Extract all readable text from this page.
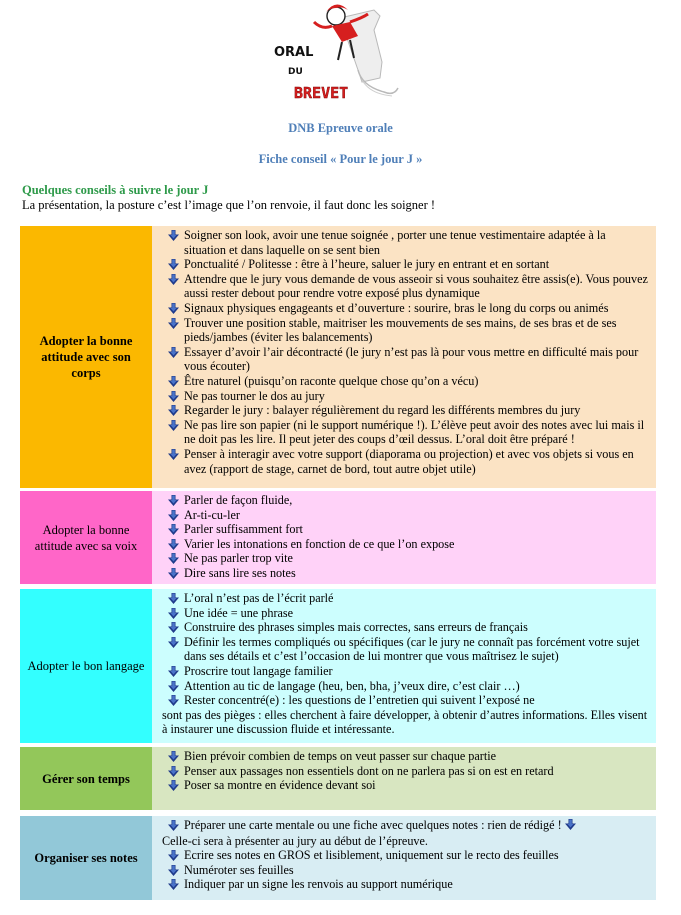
ORAL
DU
BREVET
DNB Epreuve orale
Fiche conseil « Pour le jour J »
Quelques conseils à suivre le jour J
La présentation, la posture c’est l’image que l’on renvoie, il faut donc les soigner !
Adopter la bonne attitude avec son corps
Soigner son look, avoir une tenue soignée , porter une tenue vestimentaire adaptée à la situation et dans laquelle on se sent bien
Ponctualité / Politesse : être à l’heure, saluer le jury en entrant et en sortant
Attendre que le jury vous demande de vous asseoir si vous souhaitez être assis(e). Vous pouvez aussi rester debout pour rendre votre exposé plus dynamique
Signaux physiques engageants et d’ouverture : sourire, bras le long du corps ou animés
Trouver une position stable, maitriser les mouvements de ses mains, de ses bras et de ses pieds/jambes (éviter les balancements)
Essayer d’avoir l’air décontracté (le jury n’est pas là pour vous mettre en difficulté mais pour vous écouter)
Être naturel (puisqu’on raconte quelque chose qu’on a vécu)
Ne pas tourner le dos au jury
Regarder le jury : balayer régulièrement du regard les différents membres du jury
Ne pas lire son papier (ni le support numérique !). L’élève peut avoir des notes avec lui mais il ne doit pas les lire. Il peut jeter des coups d’œil dessus. L’oral doit être préparé !
Penser à interagir avec votre support (diaporama ou projection) et avec vos objets si vous en avez (rapport de stage, carnet de bord, tout autre objet utile)
Adopter la bonne attitude avec sa voix
Parler de façon fluide,
Ar-ti-cu-ler
Parler suffisamment fort
Varier les intonations en fonction de ce que l’on expose
Ne pas parler trop vite
Dire sans lire ses notes
Adopter le bon langage
L’oral n’est pas de l’écrit parlé
Une idée = une phrase
Construire des phrases simples mais correctes, sans erreurs de français
Définir les termes compliqués ou spécifiques (car le jury ne connaît pas forcément votre sujet dans ses détails et c’est l’occasion de lui montrer que vous maîtrisez le sujet)
Proscrire tout langage familier
Attention au tic de langage (heu, ben, bha, j’veux dire, c’est clair …)
Rester concentré(e) : les questions de l’entretien qui suivent l’exposé ne
sont pas des pièges : elles cherchent à faire développer, à obtenir d’autres informations. Elles visent à instaurer une discussion fluide et intéressante.
Gérer son temps
Bien prévoir combien de temps on veut passer sur chaque partie
Penser aux passages non essentiels dont on ne parlera pas si on est en retard
Poser sa montre en évidence devant soi
Organiser ses notes
Préparer une carte mentale ou une fiche avec quelques notes : rien de rédigé !
Celle-ci sera à présenter au jury au début de l’épreuve.
Ecrire ses notes en GROS et lisiblement, uniquement sur le recto des feuilles
Numéroter ses feuilles
Indiquer par un signe les renvois au support numérique
